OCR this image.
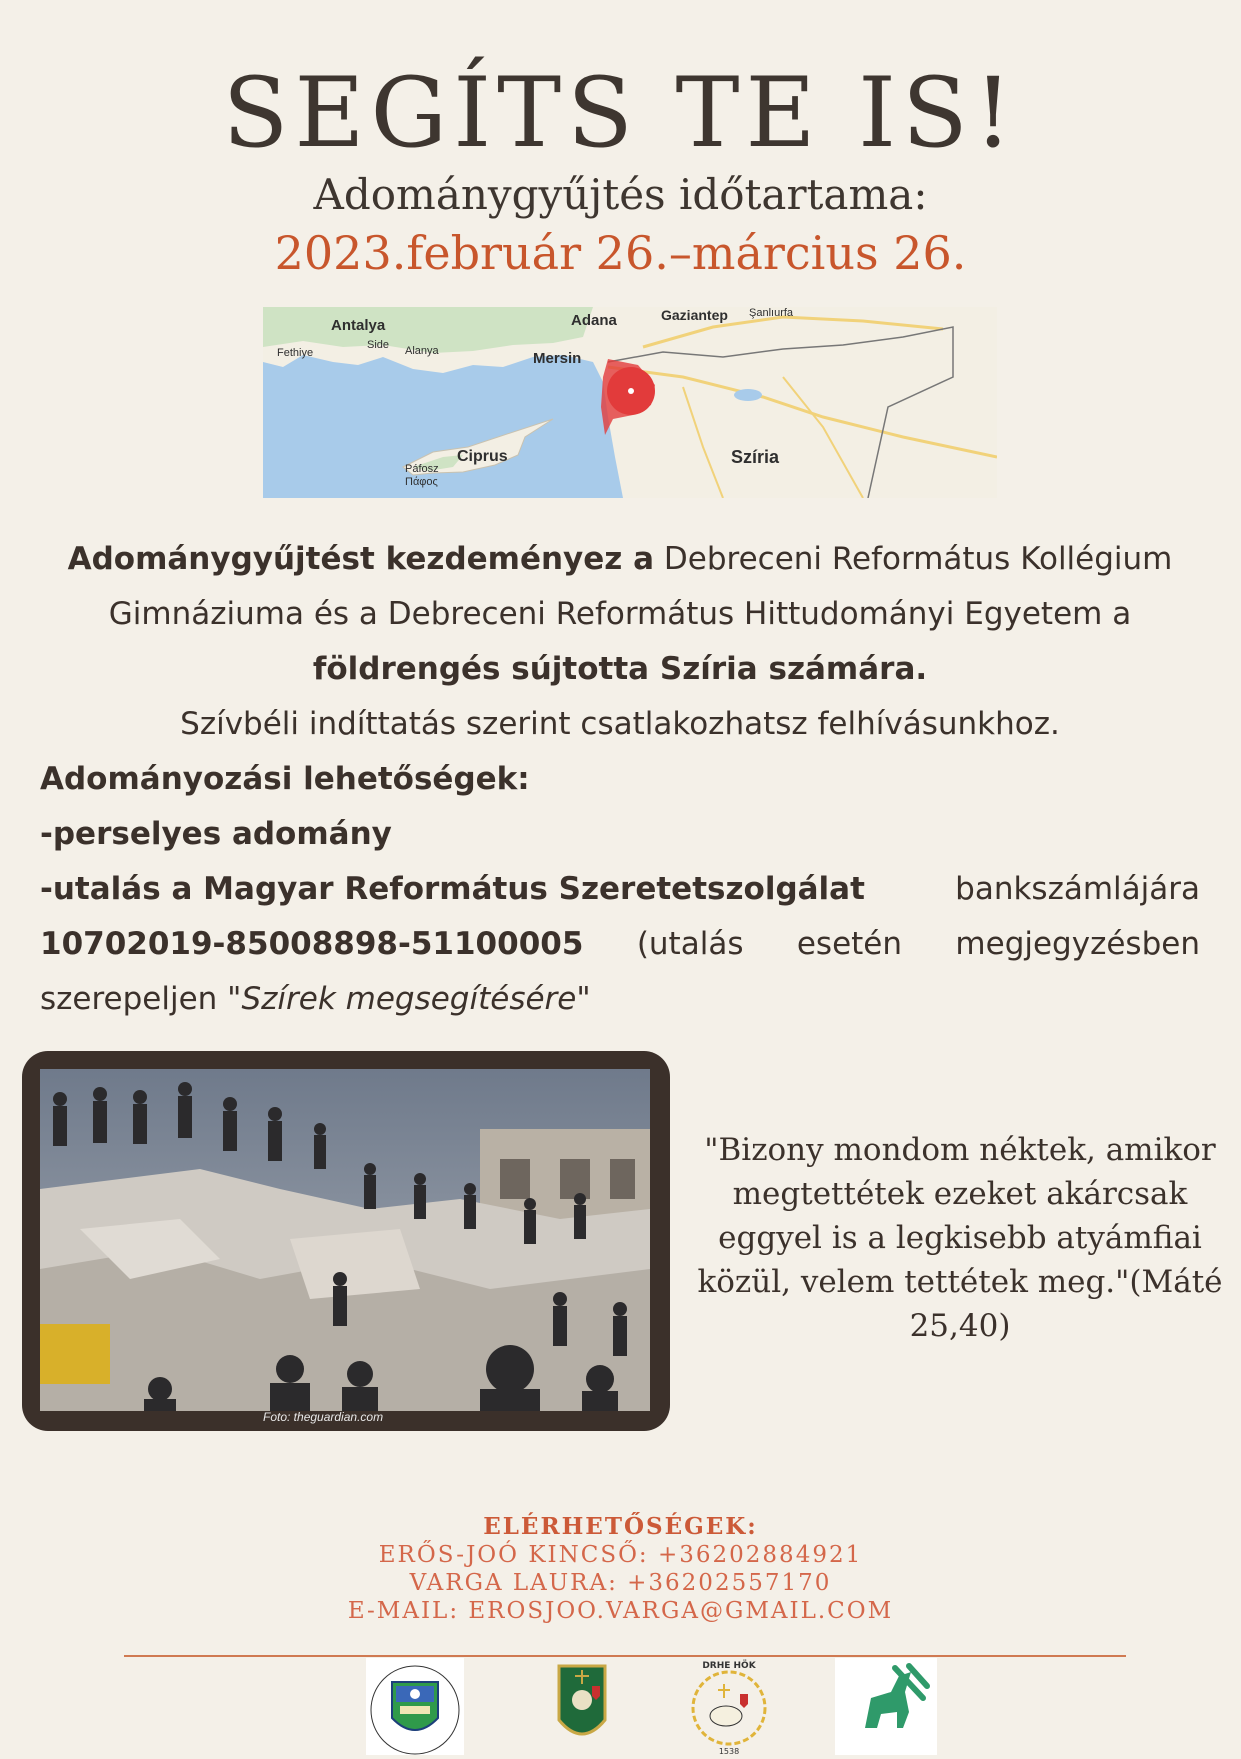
SEGÍTS TE IS!
Adománygyűjtés időtartama:
2023.február 26.–március 26.
Antalya	Adana	Gaziantep Şanlıurfa
Fethiye
Side Alanya	Mersin
Ciprus
Páfosz
Πάφος
Szíria
Adománygyűjtést kezdeményez a Debreceni Református Kollégium Gimnáziuma és a Debreceni Református Hittudományi Egyetem a
földrengés sújtotta Szíria számára.
Szívbéli indíttatás szerint csatlakozhatsz felhívásunkhoz.
Adományozási lehetőségek:
-perselyes adomány
-utalás a Magyar Református Szeretetszolgálat	bankszámlájára
10702019-85008898-51100005 (utalás esetén megjegyzésben
szerepeljen "Szírek megsegítésére"
Foto: theguardian.com
"Bizony mondom néktek, amikor megtettétek ezeket akárcsak eggyel is a legkisebb atyámfiai közül, velem tettétek meg."(Máté 25,40)
ELÉRHETŐSÉGEK:
ERŐS-JOÓ KINCSŐ: +36202884921
VARGA LAURA: +36202557170
E-MAIL: EROSJOO.VARGA@GMAIL.COM
DRHE HÖK
1538
